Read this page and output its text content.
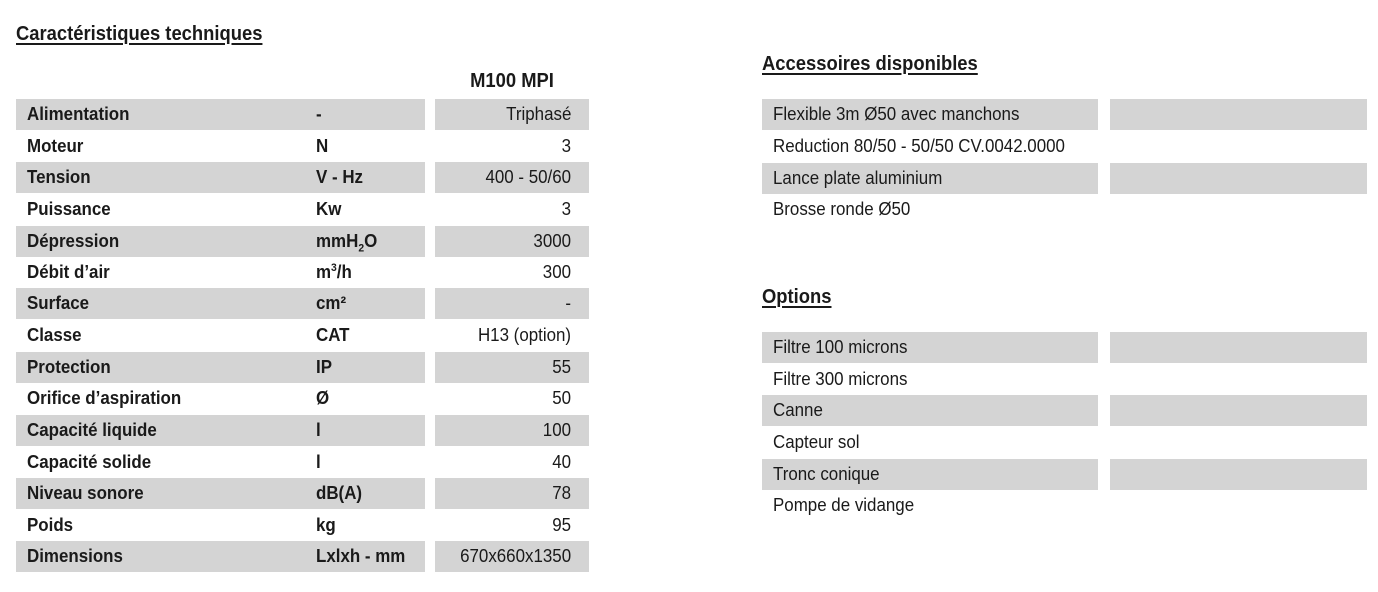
Caractéristiques techniques
M100 MPI
Alimentation	-	Triphasé
Moteur	N	3
Tension	V - Hz	400 - 50/60
Puissance	Kw	3
Dépression	mmH$_2$O	3000
Débit d’air	$m^3/h$	300
Surface	cm²	-
Classe	CAT	H13 (option)
Protection	IP	55
Orifice d’aspiration	Ø	50
Capacité liquide	l	100
Capacité solide	l	40
Niveau sonore	dB(A)	78
Poids	kg	95
Dimensions	Lxlxh - mm	670x660x1350
Accessoires disponibles
Flexible 3m Ø50 avec manchons
Reduction 80/50 - 50/50 CV.0042.0000
Lance plate aluminium
Brosse ronde Ø50
Options
Filtre 100 microns
Filtre 300 microns
Canne
Capteur sol
Tronc conique
Pompe de vidange
